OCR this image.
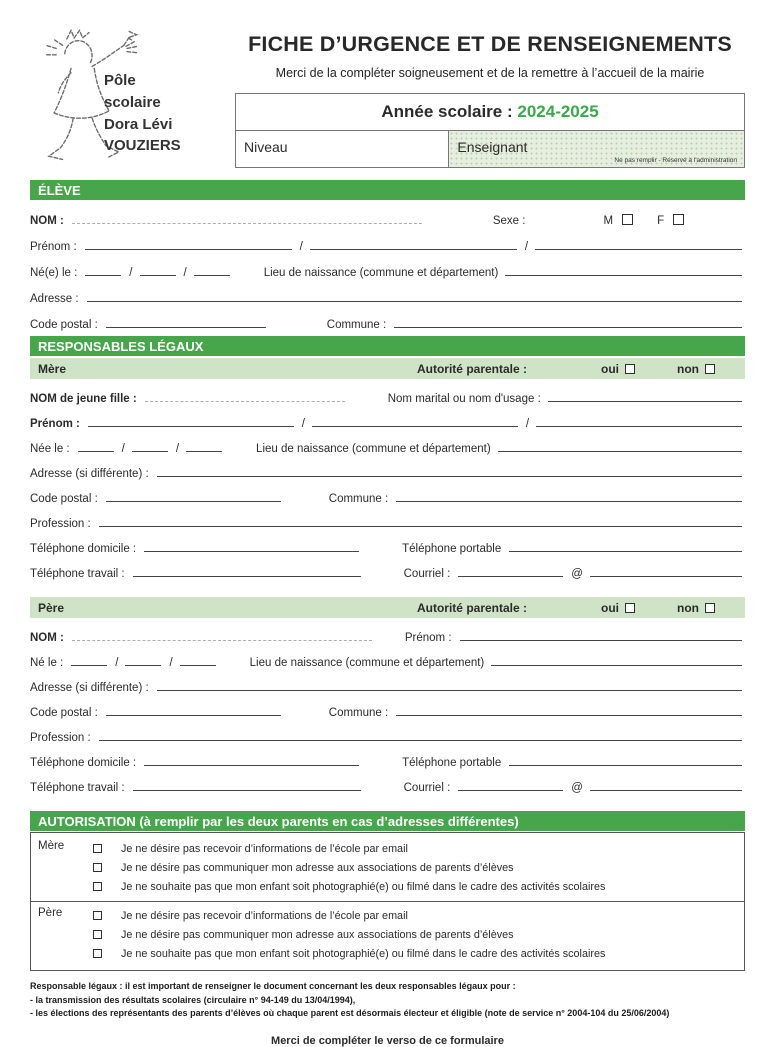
Pôle
scolaire
Dora Lévi
VOUZIERS
FICHE D’URGENCE ET DE RENSEIGNEMENTS
Merci de la compléter soigneusement et de la remettre à l’accueil de la mairie
Année scolaire : 2024-2025
Niveau	Enseignant
Ne pas remplir - Réservé à l'administration
ÉLÈVE
NOM :	Sexe :	M	F
Prénom :	/	/
Né(e) le :	/	/	Lieu de naissance (commune et département)
Adresse :
Code postal :	Commune :
RESPONSABLES LÉGAUX
Mère	Autorité parentale :	oui	non
NOM de jeune fille :	Nom marital ou nom d'usage :
Prénom :	/	/
Née le :	/	/	Lieu de naissance (commune et département)
Adresse (si différente) :
Code postal :	Commune :
Profession :
Téléphone domicile :	Téléphone portable
Téléphone travail :	Courriel :	@
Père	Autorité parentale :	oui	non
NOM :	Prénom :
Né le :	/	/	Lieu de naissance (commune et département)
Adresse (si différente) :
Code postal :	Commune :
Profession :
Téléphone domicile :	Téléphone portable
Téléphone travail :	Courriel :	@
AUTORISATION (à remplir par les deux parents en cas d’adresses différentes)
Mère	Je ne désire pas recevoir d’informations de l’école par email
Je ne désire pas communiquer mon adresse aux associations de parents d’élèves
Je ne souhaite pas que mon enfant soit photographié(e) ou filmé dans le cadre des activités scolaires
Père	Je ne désire pas recevoir d’informations de l’école par email
Je ne désire pas communiquer mon adresse aux associations de parents d’élèves
Je ne souhaite pas que mon enfant soit photographié(e) ou filmé dans le cadre des activités scolaires
Responsable légaux : il est important de renseigner le document concernant les deux responsables légaux pour :
- la transmission des résultats scolaires (circulaire n° 94-149 du 13/04/1994),
- les élections des représentants des parents d’élèves où chaque parent est désormais électeur et éligible (note de service n° 2004-104 du 25/06/2004)
Merci de compléter le verso de ce formulaire
